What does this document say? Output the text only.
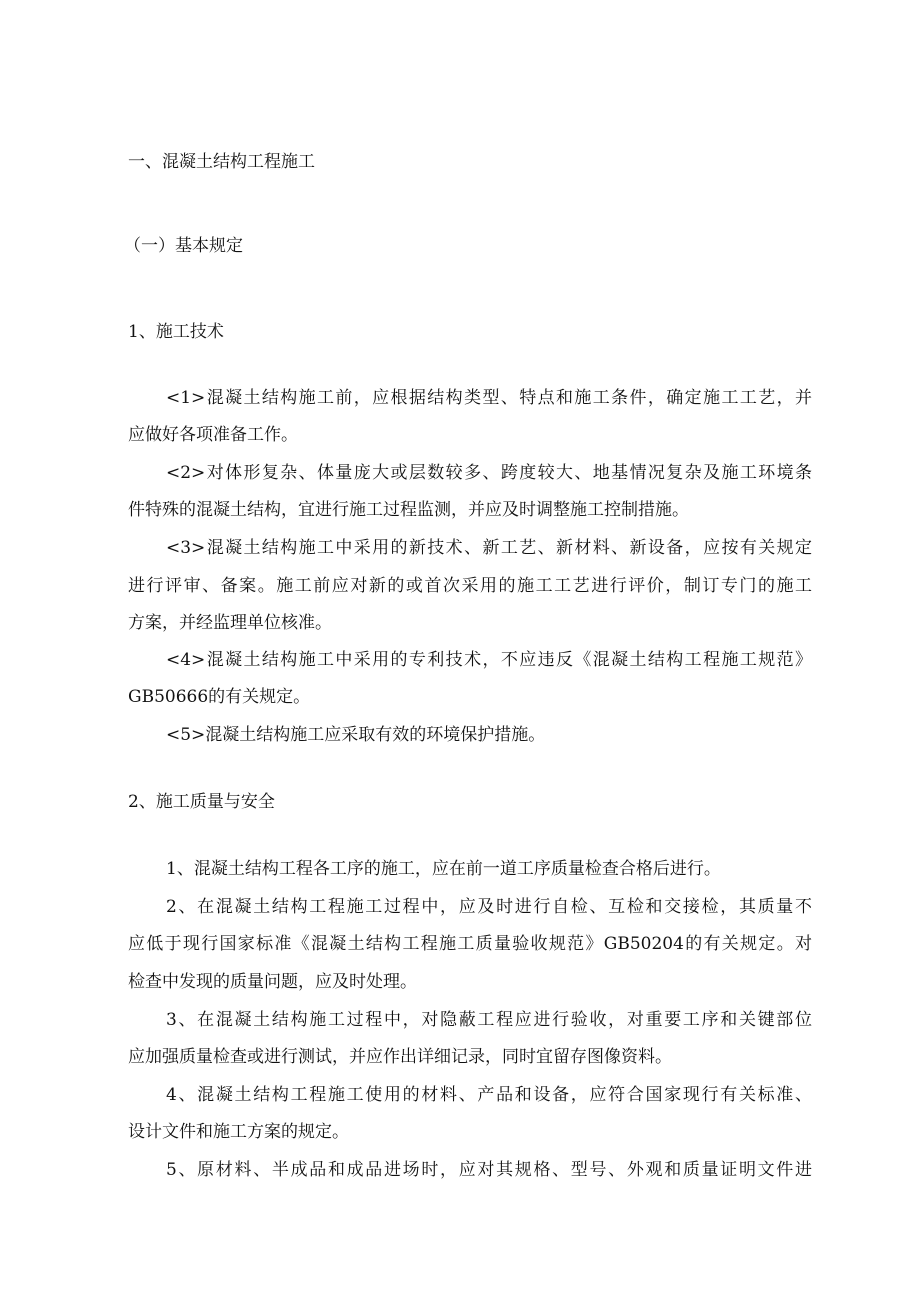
一、混凝土结构工程施工

（一）基本规定

1、施工技术

<1>混凝土结构施工前，应根据结构类型、特点和施工条件，确定施工工艺，并

应做好各项准备工作。

<2>对体形复杂、体量庞大或层数较多、跨度较大、地基情况复杂及施工环境条

件特殊的混凝土结构，宜进行施工过程监测，并应及时调整施工控制措施。

<3>混凝土结构施工中采用的新技术、新工艺、新材料、新设备，应按有关规定

进行评审、备案。施工前应对新的或首次采用的施工工艺进行评价，制订专门的施工

方案，并经监理单位核准。

<4>混凝土结构施工中采用的专利技术，不应违反《混凝土结构工程施工规范》

GB50666的有关规定。

<5>混凝土结构施工应采取有效的环境保护措施。

2、施工质量与安全

1、混凝土结构工程各工序的施工，应在前一道工序质量检查合格后进行。

2、在混凝土结构工程施工过程中，应及时进行自检、互检和交接检，其质量不

应低于现行国家标准《混凝土结构工程施工质量验收规范》GB50204的有关规定。对

检查中发现的质量问题，应及时处理。

3、在混凝土结构施工过程中，对隐蔽工程应进行验收，对重要工序和关键部位

应加强质量检查或进行测试，并应作出详细记录，同时宜留存图像资料。

4、混凝土结构工程施工使用的材料、产品和设备，应符合国家现行有关标准、

设计文件和施工方案的规定。

5、原材料、半成品和成品进场时，应对其规格、型号、外观和质量证明文件进
